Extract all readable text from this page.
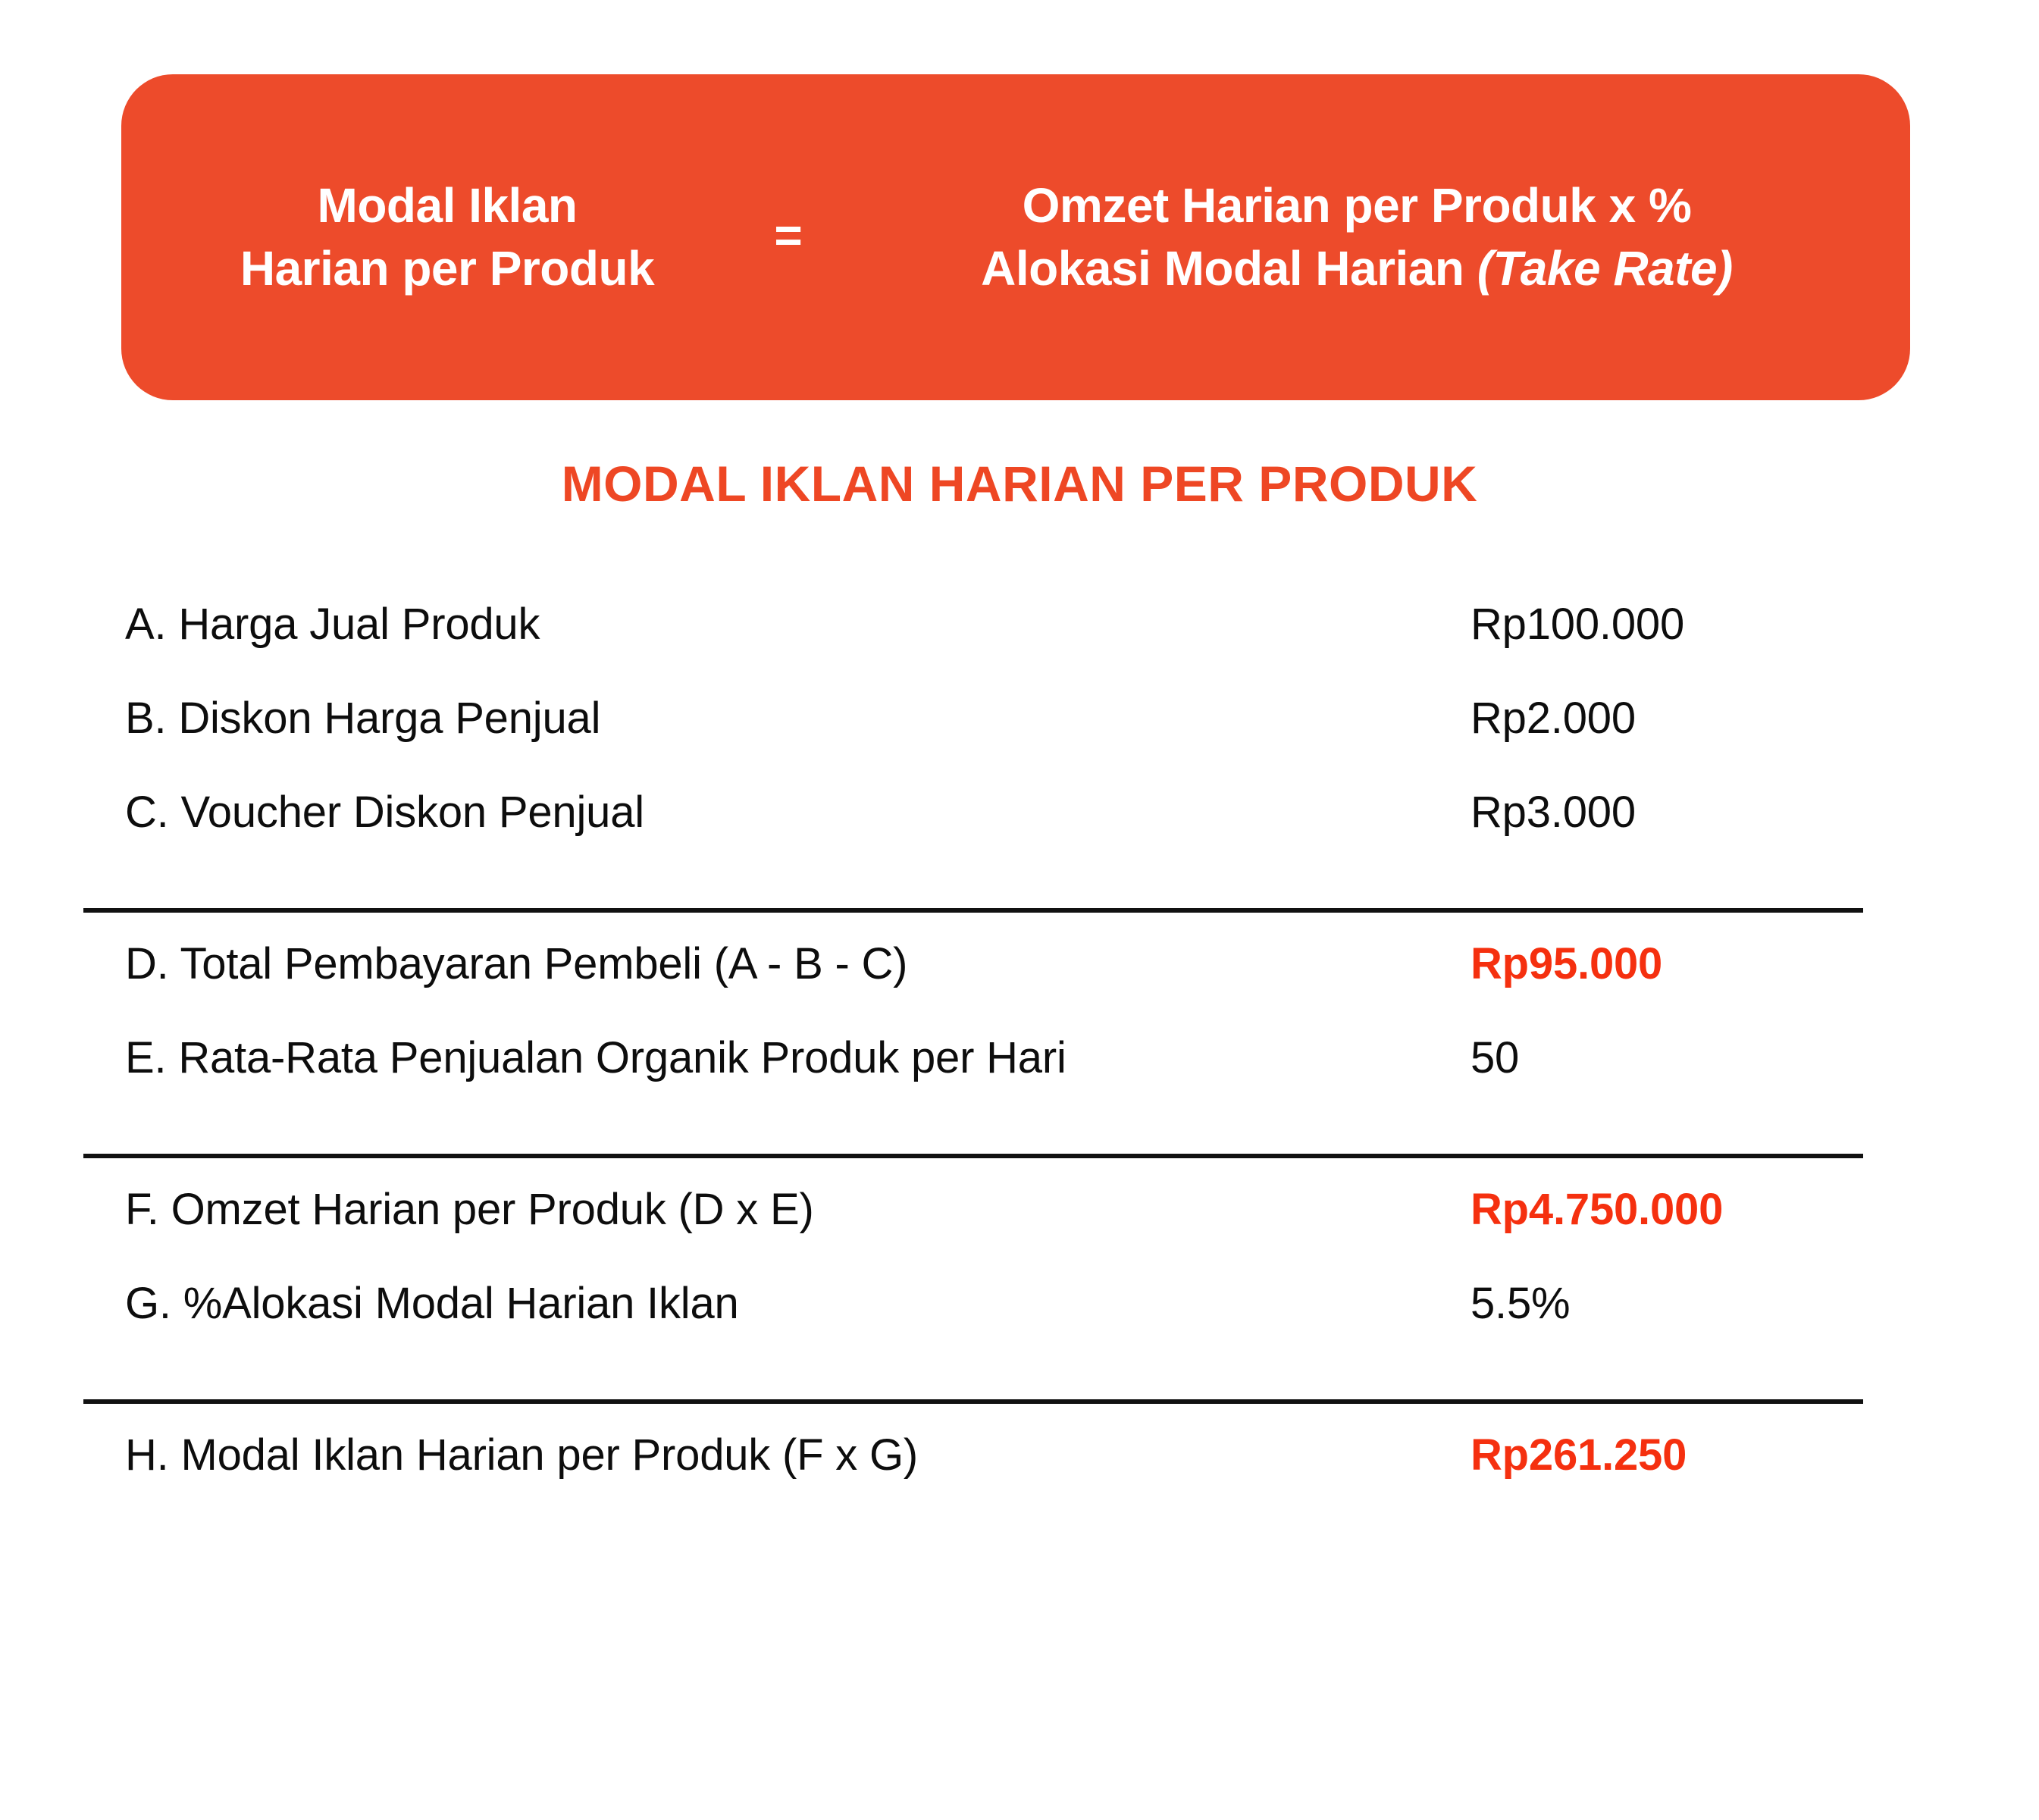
Modal Iklan
Harian per Produk
=
Omzet Harian per Produk x %
Alokasi Modal Harian (Take Rate)
MODAL IKLAN HARIAN PER PRODUK
A. Harga Jual Produk	Rp100.000
B. Diskon Harga Penjual	Rp2.000
C. Voucher Diskon Penjual	Rp3.000
D. Total Pembayaran Pembeli (A - B - C)	Rp95.000
E. Rata-Rata Penjualan Organik Produk per Hari	50
F. Omzet Harian per Produk (D x E)	Rp4.750.000
G. %Alokasi Modal Harian Iklan	5.5%
H. Modal Iklan Harian per Produk (F x G)	Rp261.250
